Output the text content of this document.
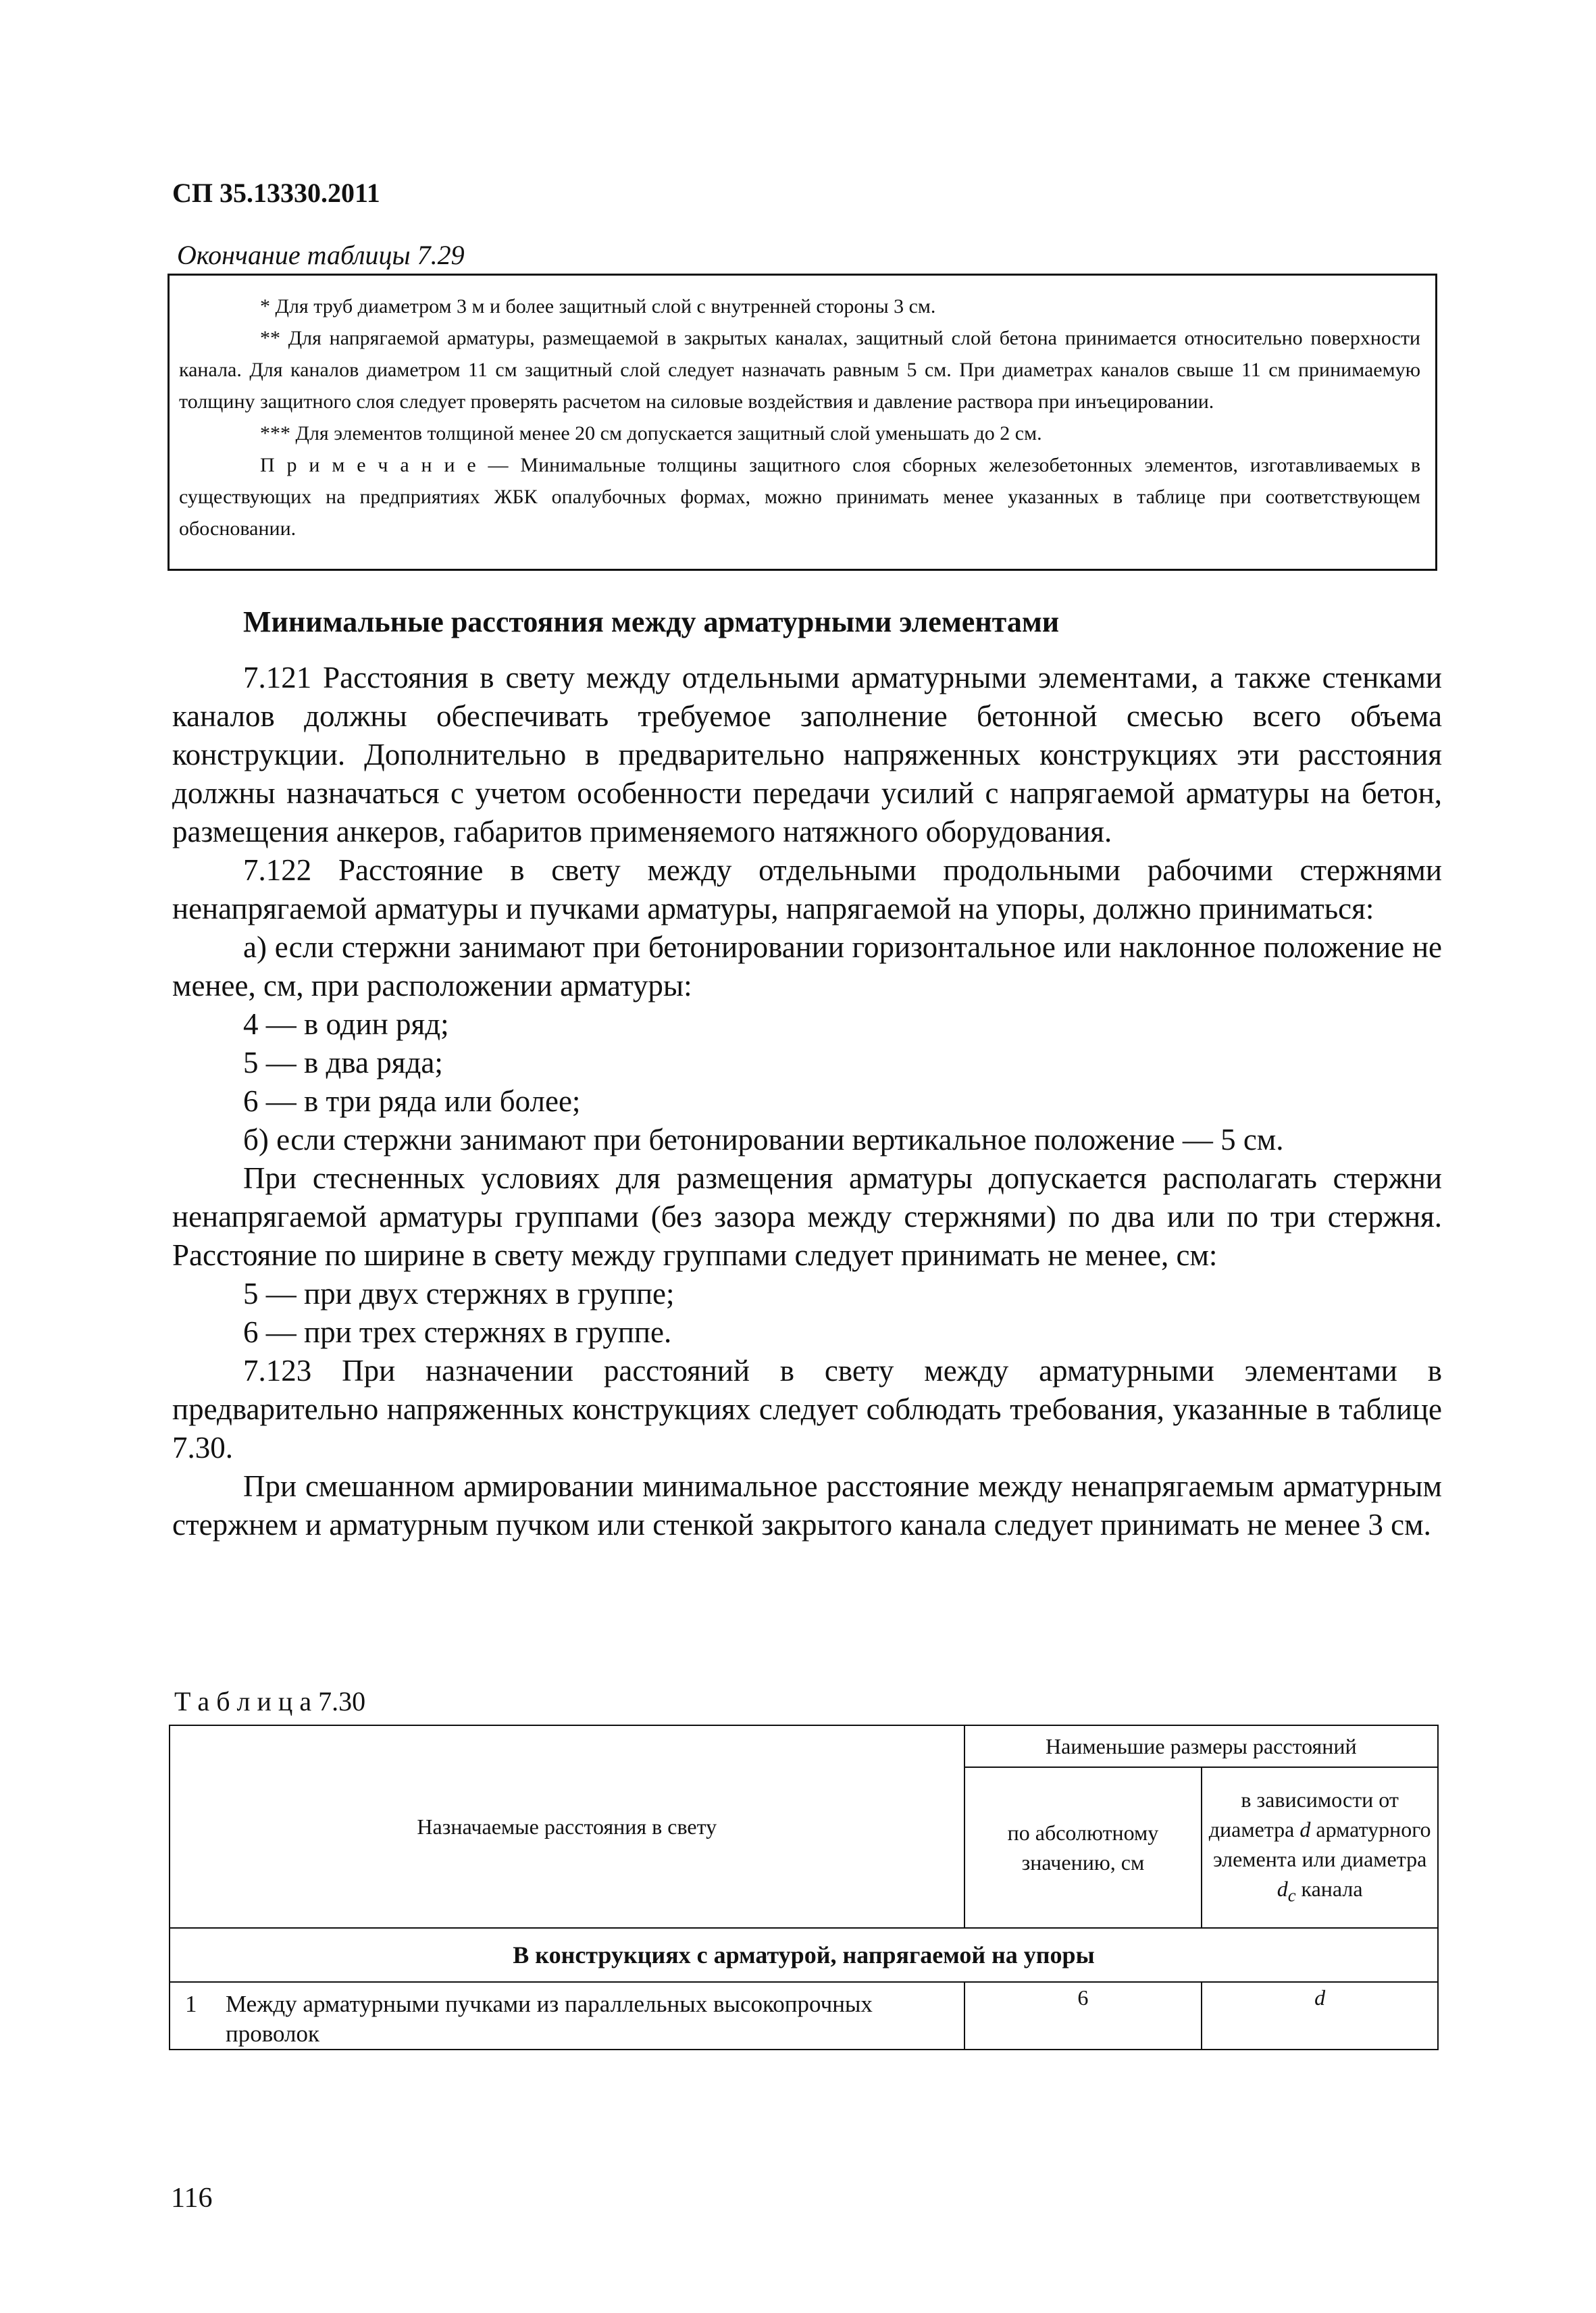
СП 35.13330.2011
Окончание таблицы 7.29

* Для труб диаметром 3 м и более защитный слой с внутренней стороны 3 см.

** Для напрягаемой арматуры, размещаемой в закрытых каналах, защитный слой бетона принимается относительно поверхности канала. Для каналов диаметром 11 см защитный слой следует назначать равным 5 см. При диаметрах каналов свыше 11 см принимаемую толщину защитного слоя следует проверять расчетом на силовые воздействия и давление раствора при инъецировании.

*** Для элементов толщиной менее 20 см допускается защитный слой уменьшать до 2 см.

П р и м е ч а н и е — Минимальные толщины защитного слоя сборных железобетонных элементов, изготавливаемых в существующих на предприятиях ЖБК опалубочных формах, можно принимать менее указанных в таблице при соответствующем обосновании.

Минимальные расстояния между арматурными элементами

7.121 Расстояния в свету между отдельными арматурными элементами, а также стенками каналов должны обеспечивать требуемое заполнение бетонной смесью всего объема конструкции. Дополнительно в предварительно напряженных конструкциях эти расстояния должны назначаться с учетом особенности передачи усилий с напрягаемой арматуры на бетон, размещения анкеров, габаритов применяемого натяжного оборудования.

7.122 Расстояние в свету между отдельными продольными рабочими стержнями ненапрягаемой арматуры и пучками арматуры, напрягаемой на упоры, должно приниматься:

а) если стержни занимают при бетонировании горизонтальное или наклонное положение не менее, см, при расположении арматуры:

4 — в один ряд;

5 — в два ряда;

6 — в три ряда или более;

б) если стержни занимают при бетонировании вертикальное положение — 5 см.

При стесненных условиях для размещения арматуры допускается располагать стержни ненапрягаемой арматуры группами (без зазора между стержнями) по два или по три стержня. Расстояние по ширине в свету между группами следует принимать не менее, см:

5 — при двух стержнях в группе;

6 — при трех стержнях в группе.

7.123 При назначении расстояний в свету между арматурными элементами в предварительно напряженных конструкциях следует соблюдать требования, указанные в таблице 7.30.

При смешанном армировании минимальное расстояние между ненапрягаемым арматурным стержнем и арматурным пучком или стенкой закрытого канала следует принимать не менее 3 см.

Т а б л и ц а 7.30
Назначаемые расстояния в свету	Наименьшие размеры расстояний	
	по абсолютному значению, см	в зависимости от диаметра d арматурного элемента или диаметра $d_c$ канала
В конструкциях с арматурой, напрягаемой на упоры		

1 Между арматурными пучками из параллельных высокопрочных проволок	6	d
116
